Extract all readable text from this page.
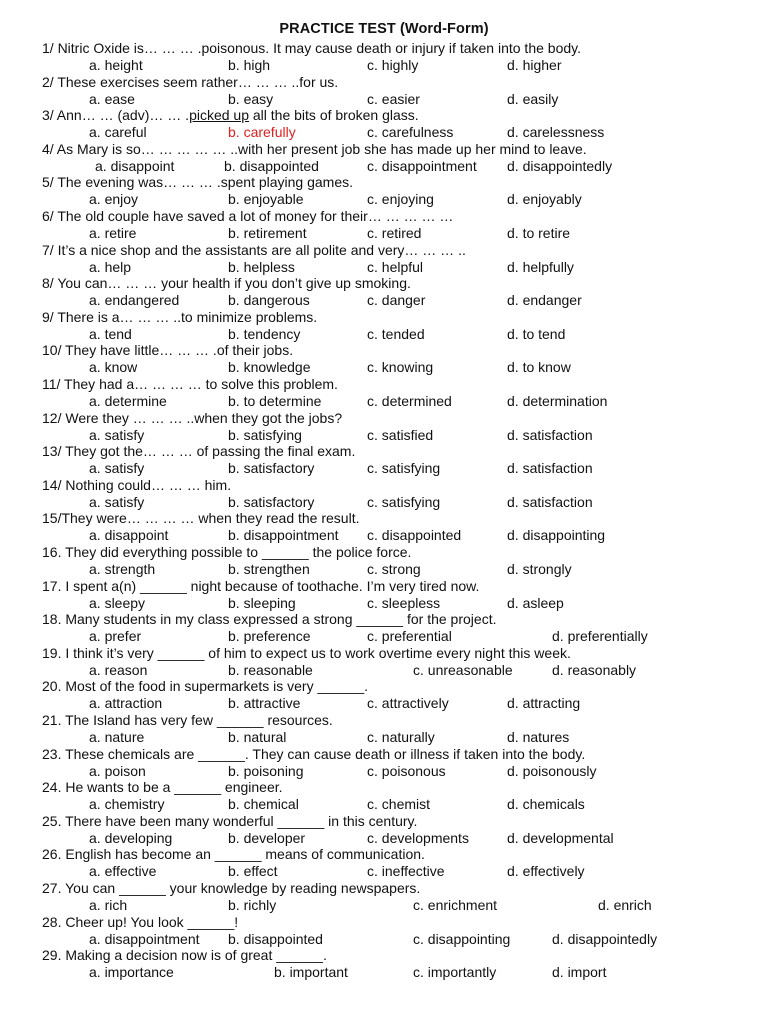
PRACTICE TEST (Word-Form)
1/ Nitric Oxide is… … … .poisonous. It may cause death or injury if taken into the body.
a. height	b. high	c. highly	d. higher
2/ These exercises seem rather… … … ..for us.
a. ease	b. easy	c. easier	d. easily
3/ Ann… … (adv)… … .picked up all the bits of broken glass.
a. careful	b. carefully	c. carefulness	d. carelessness
4/ As Mary is so… … … … … ..with her present job she has made up her mind to leave.
a. disappoint	b. disappointed	c. disappointment d. disappointedly
5/ The evening was… … … .spent playing games.
a. enjoy	b. enjoyable	c. enjoying	d. enjoyably
6/ The old couple have saved a lot of money for their… … … … …
a. retire	b. retirement	c. retired	d. to retire
7/ It’s a nice shop and the assistants are all polite and very… … … ..
a. help	b. helpless	c. helpful	d. helpfully
8/ You can… … … your health if you don’t give up smoking.
a. endangered	b. dangerous	c. danger	d. endanger
9/ There is a… … … ..to minimize problems.
a. tend	b. tendency	c. tended	d. to tend
10/ They have little… … … .of their jobs.
a. know	b. knowledge	c. knowing	d. to know
11/ They had a… … … … to solve this problem.
a. determine	b. to determine	c. determined	d. determination
12/ Were they … … … ..when they got the jobs?
a. satisfy	b. satisfying	c. satisfied	d. satisfaction
13/ They got the… … … of passing the final exam.
a. satisfy	b. satisfactory	c. satisfying	d. satisfaction
14/ Nothing could… … … him.
a. satisfy	b. satisfactory	c. satisfying	d. satisfaction
15/They were… … … … when they read the result.
a. disappoint	b. disappointment c. disappointed	d. disappointing
16. They did everything possible to ______ the police force.
a. strength	b. strengthen	c. strong	d. strongly
17. I spent a(n) ______ night because of toothache. I’m very tired now.
a. sleepy	b. sleeping	c. sleepless	d. asleep
18. Many students in my class expressed a strong ______ for the project.
a. prefer	b. preference	c. preferential	d. preferentially
19. I think it’s very ______ of him to expect us to work overtime every night this week.
a. reason	b. reasonable	c. unreasonable	d. reasonably
20. Most of the food in supermarkets is very ______.
a. attraction	b. attractive	c. attractively	d. attracting
21. The Island has very few ______ resources.
a. nature	b. natural	c. naturally	d. natures
23. These chemicals are ______. They can cause death or illness if taken into the body.
a. poison	b. poisoning	c. poisonous	d. poisonously
24. He wants to be a ______ engineer.
a. chemistry	b. chemical	c. chemist	d. chemicals
25. There have been many wonderful ______ in this century.
a. developing	b. developer	c. developments	d. developmental
26. English has become an ______ means of communication.
a. effective	b. effect	c. ineffective	d. effectively
27. You can ______ your knowledge by reading newspapers.
a. rich	b. richly	c. enrichment	d. enrich
28. Cheer up! You look ______!
a. disappointment b. disappointed	c. disappointing	d. disappointedly
29. Making a decision now is of great ______.
a. importance	b. important	c. importantly	d. import
